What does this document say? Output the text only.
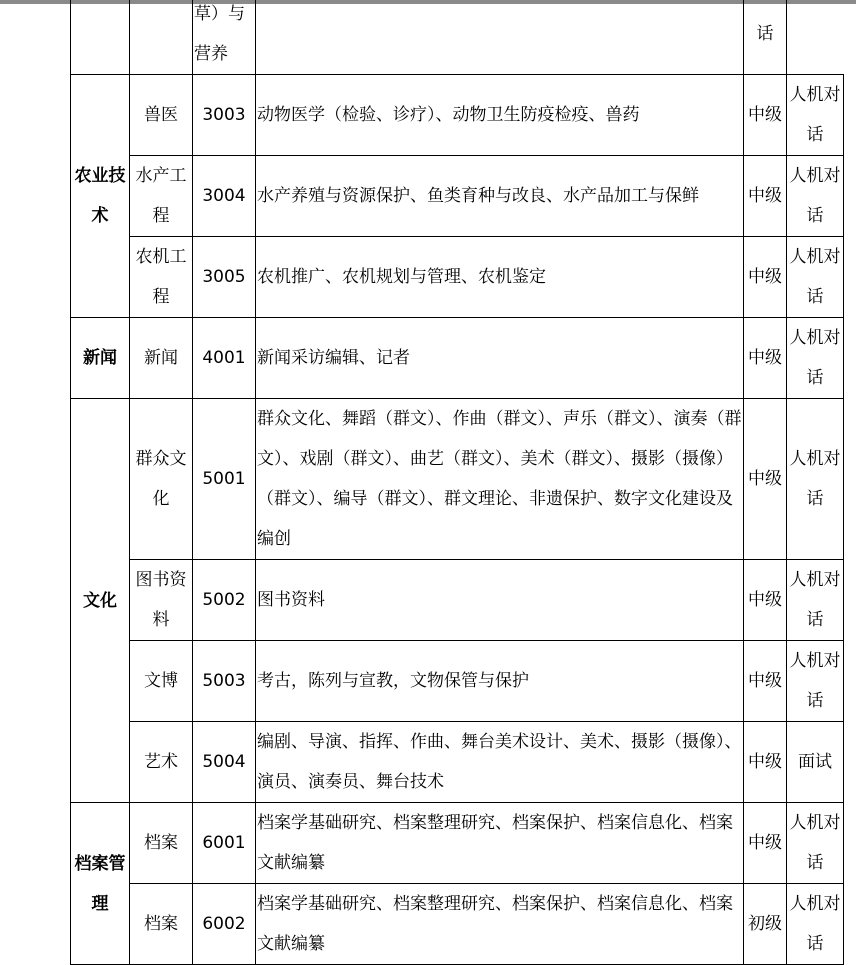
		草）与营养		话	
农业技术	兽医	3003	动物医学（检验、诊疗）、动物卫生防疫检疫、兽药	中级	人机对话
	水产工程	3004	水产养殖与资源保护、鱼类育种与改良、水产品加工与保鲜	中级	人机对话
	农机工程	3005	农机推广、农机规划与管理、农机鉴定	中级	人机对话
新闻	新闻	4001	新闻采访编辑、记者	中级	人机对话
文化	群众文化	5001	群众文化、舞蹈（群文）、作曲（群文）、声乐（群文）、演奏（群文）、戏剧（群文）、曲艺（群文）、美术（群文）、摄影（摄像）（群文）、编导（群文）、群文理论、非遗保护、数字文化建设及编创	中级	人机对话
	图书资料	5002	图书资料	中级	人机对话
	文博	5003	考古，陈列与宣教，文物保管与保护	中级	人机对话
	艺术	5004	编剧、导演、指挥、作曲、舞台美术设计、美术、摄影（摄像）、演员、演奏员、舞台技术	中级	面试
档案管理	档案	6001	档案学基础研究、档案整理研究、档案保护、档案信息化、档案文献编纂	中级	人机对话
	档案	6002	档案学基础研究、档案整理研究、档案保护、档案信息化、档案文献编纂	初级	人机对话
